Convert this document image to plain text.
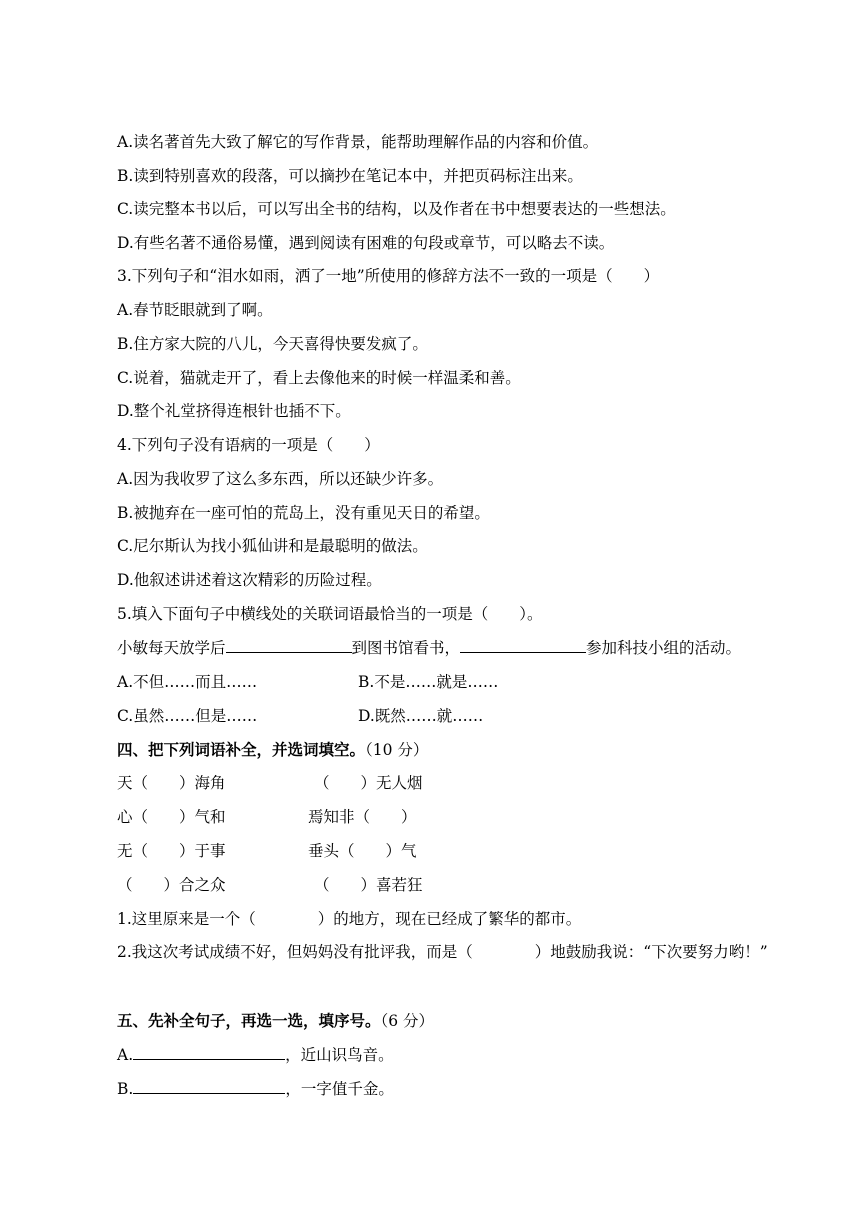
A.读名著首先大致了解它的写作背景，能帮助理解作品的内容和价值。
B.读到特别喜欢的段落，可以摘抄在笔记本中，并把页码标注出来。
C.读完整本书以后，可以写出全书的结构，以及作者在书中想要表达的一些想法。
D.有些名著不通俗易懂，遇到阅读有困难的句段或章节，可以略去不读。
3.下列句子和“泪水如雨，洒了一地”所使用的修辞方法不一致的一项是（　　）
A.春节眨眼就到了啊。
B.住方家大院的八儿，今天喜得快要发疯了。
C.说着，猫就走开了，看上去像他来的时候一样温柔和善。
D.整个礼堂挤得连根针也插不下。
4.下列句子没有语病的一项是（　　）
A.因为我收罗了这么多东西，所以还缺少许多。
B.被抛弃在一座可怕的荒岛上，没有重见天日的希望。
C.尼尔斯认为找小狐仙讲和是最聪明的做法。
D.他叙述讲述着这次精彩的历险过程。
5.填入下面句子中横线处的关联词语最恰当的一项是（　　）。
小敏每天放学后	到图书馆看书，	参加科技小组的活动。
A.不但……而且……	B.不是……就是……
C.虽然……但是……	D.既然……就……
四、把下列词语补全，并选词填空。（10 分）
天（　　）海角	（　　）无人烟
心（　　）气和	焉知非（　　）
无（　　）于事	垂头（　　）气
（　　）合之众	（　　）喜若狂
1.这里原来是一个（　　　　）的地方，现在已经成了繁华的都市。
2.我这次考试成绩不好，但妈妈没有批评我，而是（　　　　）地鼓励我说：“下次要努力哟！”
五、先补全句子，再选一选，填序号。（6 分）
A.	，近山识鸟音。
B.	，一字值千金。
